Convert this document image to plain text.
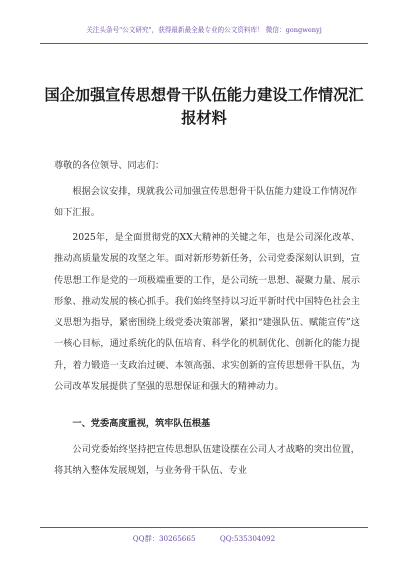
关注头条号"公文研究"，获得最新最全最专业的公文资料库！ 微信：gongwenyj
国企加强宣传思想骨干队伍能力建设工作情况汇报材料

尊敬的各位领导、同志们：

根据会议安排，现就我公司加强宣传思想骨干队伍能力建设工作情况作如下汇报。

2025年，是全面贯彻党的XX大精神的关键之年，也是公司深化改革、推动高质量发展的攻坚之年。面对新形势新任务，公司党委深刻认识到，宣传思想工作是党的一项极端重要的工作，是公司统一思想、凝聚力量、展示形象、推动发展的核心抓手。我们始终坚持以习近平新时代中国特色社会主义思想为指导，紧密围绕上级党委决策部署，紧扣“建强队伍、赋能宣传”这一核心目标，通过系统化的队伍培育、科学化的机制优化、创新化的能力提升，着力锻造一支政治过硬、本领高强、求实创新的宣传思想骨干队伍，为公司改革发展提供了坚强的思想保证和强大的精神动力。

一、党委高度重视，筑牢队伍根基

公司党委始终坚持把宣传思想队伍建设摆在公司人才战略的突出位置，将其纳入整体发展规划，与业务骨干队伍、专业

QQ群：30265665	QQ:535304092
